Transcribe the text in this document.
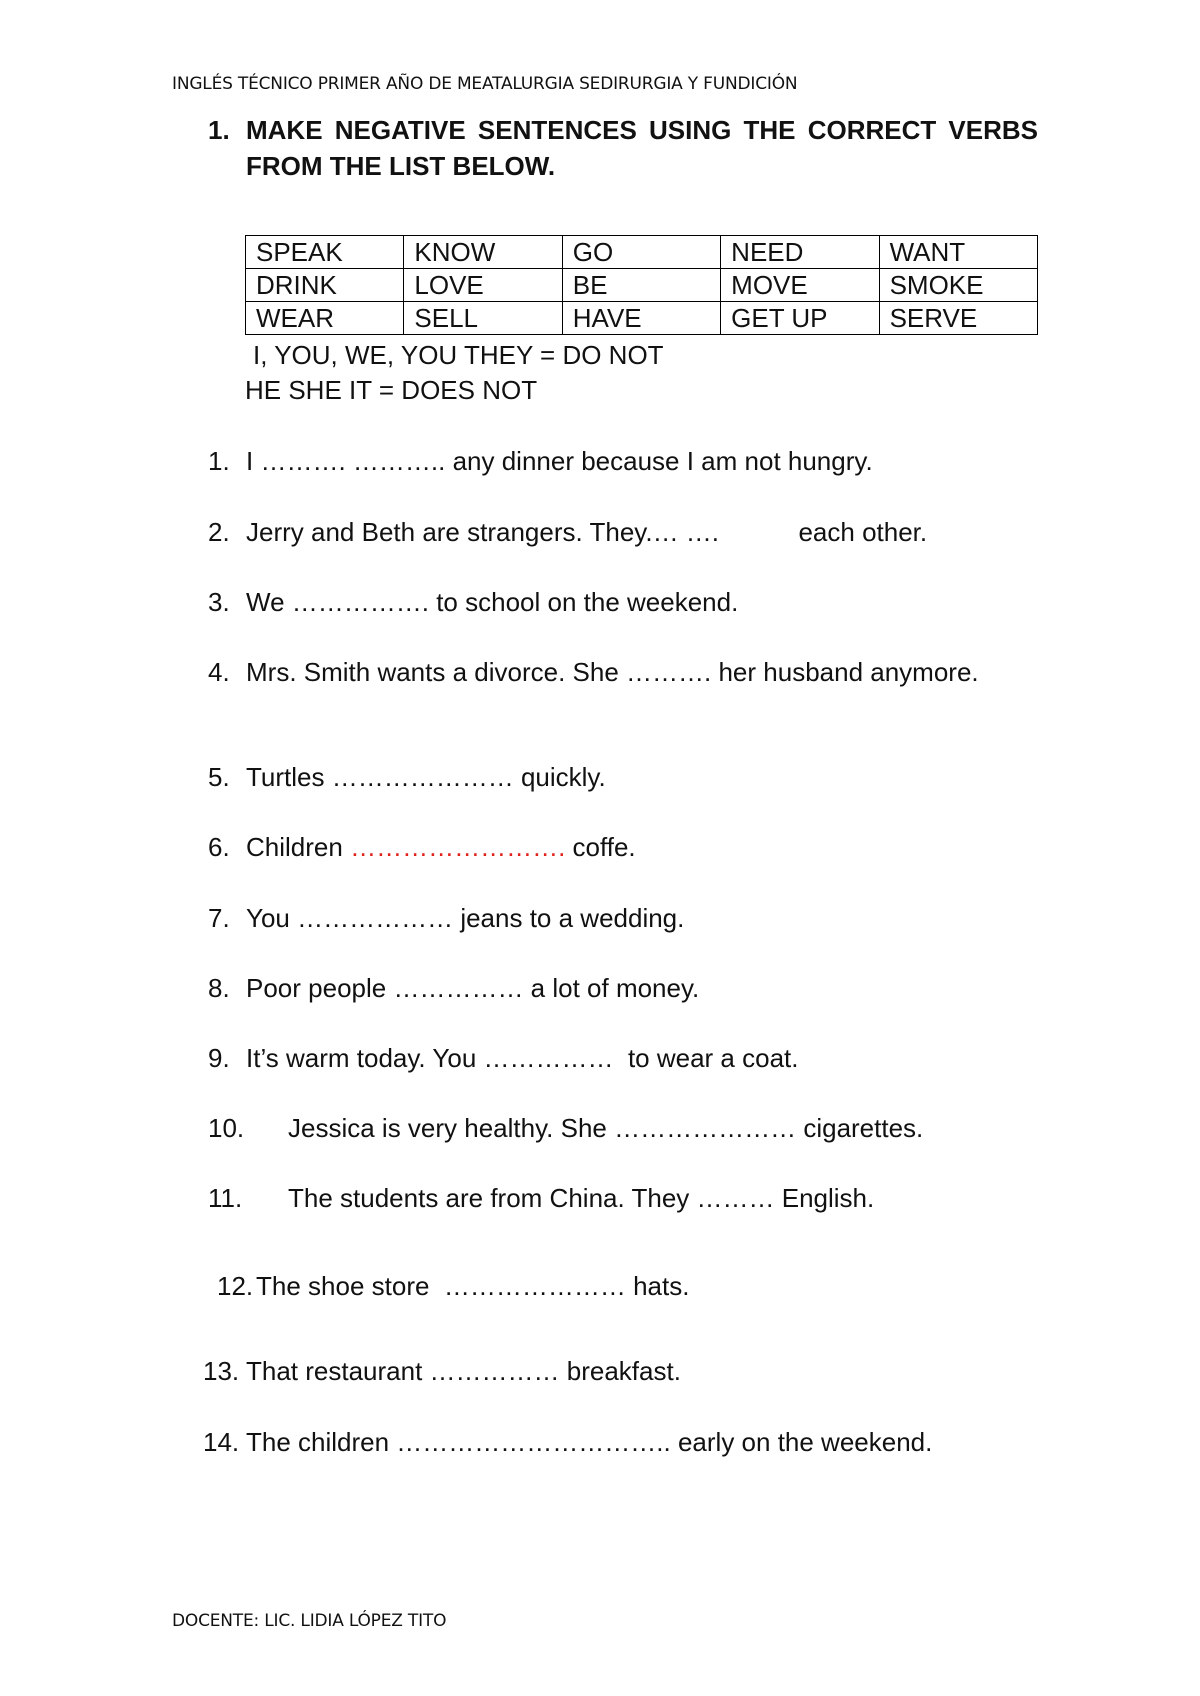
INGLÉS TÉCNICO PRIMER AÑO DE MEATALURGIA SEDIRURGIA Y FUNDICIÓN
1. MAKE NEGATIVE SENTENCES USING THE CORRECT VERBS FROM THE LIST BELOW.
SPEAK	KNOW	GO	NEED	WANT
DRINK	LOVE	BE	MOVE	SMOKE
WEAR	SELL	HAVE	GET UP	SERVE
I, YOU, WE, YOU THEY = DO NOT
HE SHE IT = DOES NOT
1. I ………. ……….. any dinner because I am not hungry.
2. Jerry and Beth are strangers. They.… ….           each other.
3. We ……………. to school on the weekend.
4. Mrs. Smith wants a divorce. She ………. her husband anymore.
5. Turtles ………………… quickly.
6. Children ……………………. coffe.
7. You ……………… jeans to a wedding.
8. Poor people …………… a lot of money.
9. It’s warm today. You ……………  to wear a coat.
10. Jessica is very healthy. She ………………… cigarettes.
11. The students are from China. They ……… English.
12. The shoe store  ………………… hats.
13. That restaurant …………… breakfast.
14. The children ………………………….. early on the weekend.
DOCENTE: LIC. LIDIA LÓPEZ TITO
